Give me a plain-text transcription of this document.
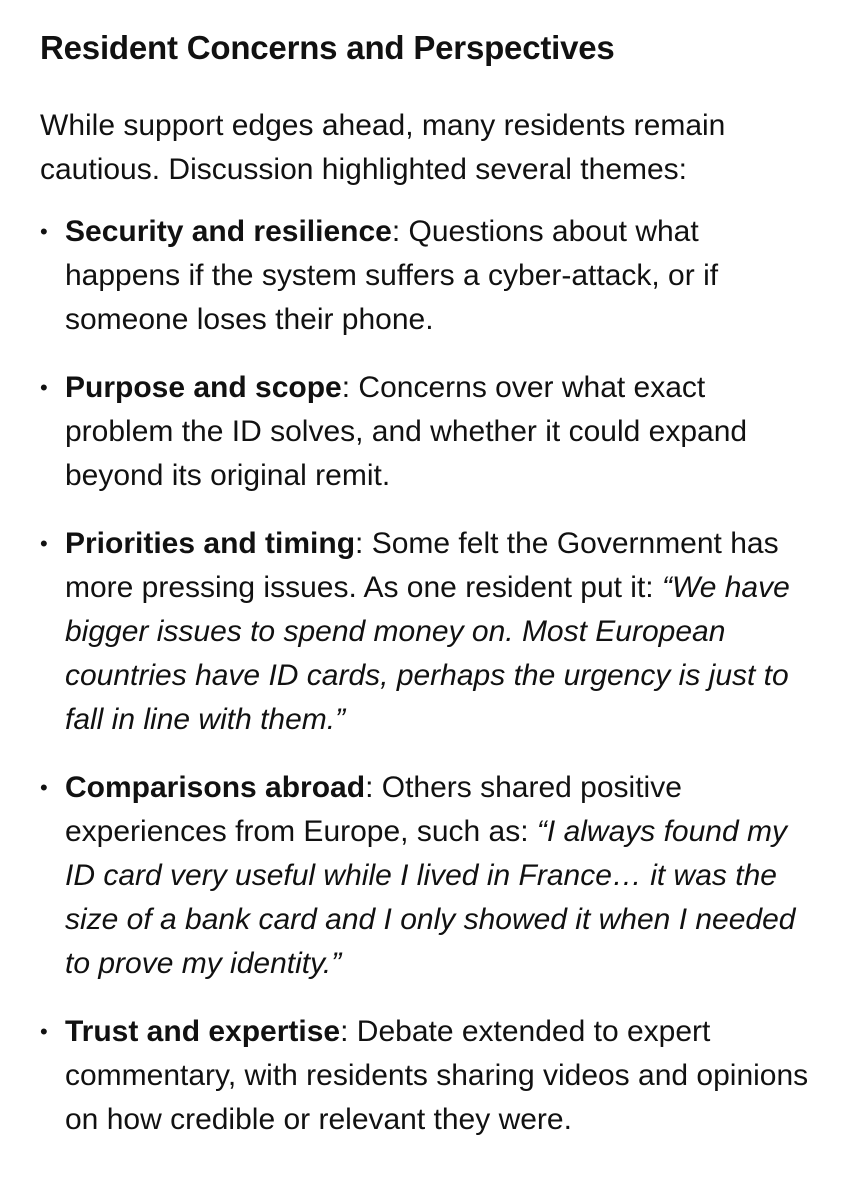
Resident Concerns and Perspectives

While support edges ahead, many residents remain cautious. Discussion highlighted several themes:

• Security and resilience: Questions about what happens if the system suffers a cyber-attack, or if someone loses their phone.
• Purpose and scope: Concerns over what exact problem the ID solves, and whether it could expand beyond its original remit.
• Priorities and timing: Some felt the Government has more pressing issues. As one resident put it: “We have bigger issues to spend money on. Most European countries have ID cards, perhaps the urgency is just to fall in line with them.”
• Comparisons abroad: Others shared positive experiences from Europe, such as: “I always found my ID card very useful while I lived in France… it was the size of a bank card and I only showed it when I needed to prove my identity.”
• Trust and expertise: Debate extended to expert commentary, with residents sharing videos and opinions on how credible or relevant they were.
